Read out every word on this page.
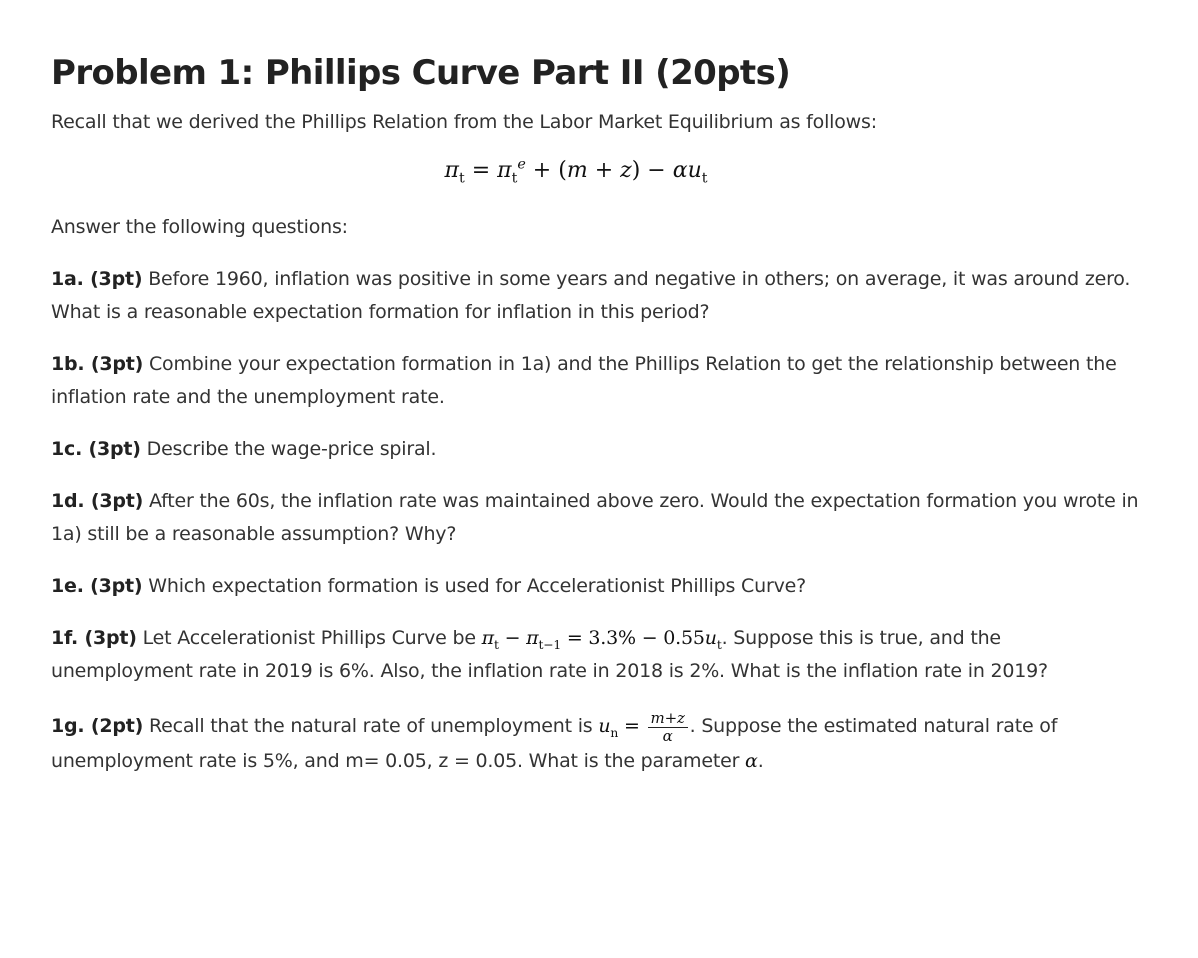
Problem 1: Phillips Curve Part II (20pts)
Recall that we derived the Phillips Relation from the Labor Market Equilibrium as follows:
$\pi_t = \pi_t^e + (m + z) - \alpha u_t$
Answer the following questions:
1a. (3pt) Before 1960, inflation was positive in some years and negative in others; on average, it was around zero. What is a reasonable expectation formation for inflation in this period?
1b. (3pt) Combine your expectation formation in 1a) and the Phillips Relation to get the relationship between the inflation rate and the unemployment rate.
1c. (3pt) Describe the wage-price spiral.
1d. (3pt) After the 60s, the inflation rate was maintained above zero. Would the expectation formation you wrote in 1a) still be a reasonable assumption? Why?
1e. (3pt) Which expectation formation is used for Accelerationist Phillips Curve?
1f. (3pt) Let Accelerationist Phillips Curve be $\pi_t - \pi_{t-1} = 3.3\% - 0.55u_t$. Suppose this is true, and the unemployment rate in 2019 is 6%. Also, the inflation rate in 2018 is 2%. What is the inflation rate in 2019?
1g. (2pt) Recall that the natural rate of unemployment is $u_n = \frac{m+z}{\alpha}$ . Suppose the estimated natural rate of unemployment rate is 5%, and m= 0.05, z = 0.05. What is the parameter α.
